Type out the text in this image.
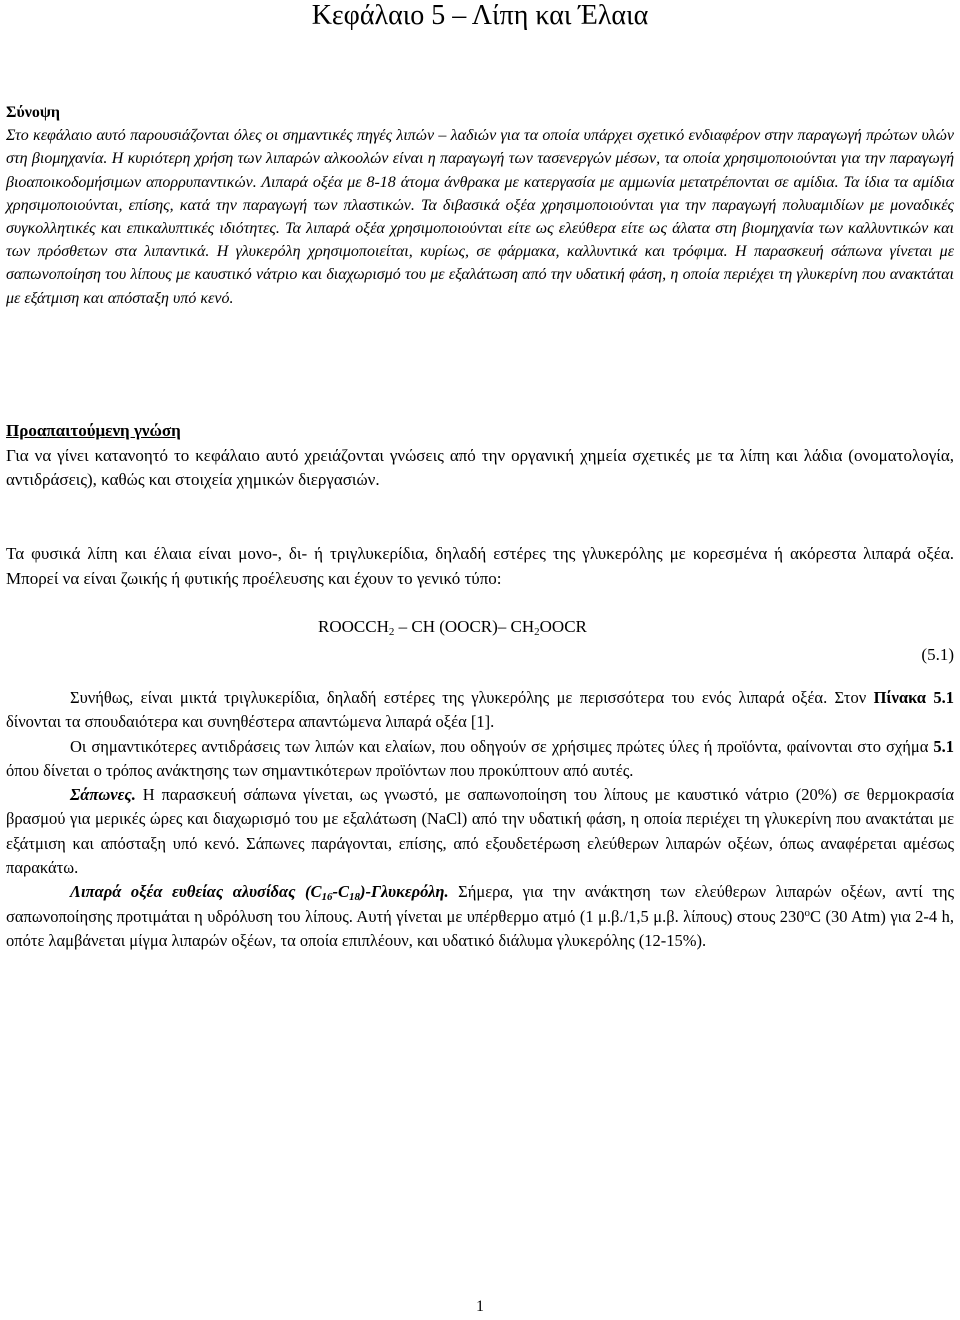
Κεφάλαιο 5 – Λίπη και Έλαια

Σύνοψη

Στο κεφάλαιο αυτό παρουσιάζονται όλες οι σημαντικές πηγές λιπών – λαδιών για τα οποία υπάρχει σχετικό ενδιαφέρον στην παραγωγή πρώτων υλών στη βιομηχανία. Η κυριότερη χρήση των λιπαρών αλκοολών είναι η παραγωγή των τασενεργών μέσων, τα οποία χρησιμοποιούνται για την παραγωγή βιοαποικοδομήσιμων απορρυπαντικών. Λιπαρά οξέα με 8-18 άτομα άνθρακα με κατεργασία με αμμωνία μετατρέπονται σε αμίδια. Τα ίδια τα αμίδια χρησιμοποιούνται, επίσης, κατά την παραγωγή των πλαστικών. Τα διβασικά οξέα χρησιμοποιούνται για την παραγωγή πολυαμιδίων με μοναδικές συγκολλητικές και επικαλυπτικές ιδιότητες. Τα λιπαρά οξέα χρησιμοποιούνται είτε ως ελεύθερα είτε ως άλατα στη βιομηχανία των καλλυντικών και των πρόσθετων στα λιπαντικά. Η γλυκερόλη χρησιμοποιείται, κυρίως, σε φάρμακα, καλλυντικά και τρόφιμα. Η παρασκευή σάπωνα γίνεται με σαπωνοποίηση του λίπους με καυστικό νάτριο και διαχωρισμό του με εξαλάτωση από την υδατική φάση, η οποία περιέχει τη γλυκερίνη που ανακτάται με εξάτμιση και απόσταξη υπό κενό.

Προαπαιτούμενη γνώση

Για να γίνει κατανοητό το κεφάλαιο αυτό χρειάζονται γνώσεις από την οργανική χημεία σχετικές με τα λίπη και λάδια (ονοματολογία, αντιδράσεις), καθώς και στοιχεία χημικών διεργασιών.

Τα φυσικά λίπη και έλαια είναι μονο-, δι- ή τριγλυκερίδια, δηλαδή εστέρες της γλυκερόλης με κορεσμένα ή ακόρεστα λιπαρά οξέα. Μπορεί να είναι ζωικής ή φυτικής προέλευσης και έχουν το γενικό τύπο:

$ROOCCH_2$ – CH (OOCR)– $CH_2OOCR$
(5.1)

Συνήθως, είναι μικτά τριγλυκερίδια, δηλαδή εστέρες της γλυκερόλης με περισσότερα του ενός λιπαρά οξέα. Στον Πίνακα 5.1 δίνονται τα σπουδαιότερα και συνηθέστερα απαντώμενα λιπαρά οξέα [1].

Οι σημαντικότερες αντιδράσεις των λιπών και ελαίων, που οδηγούν σε χρήσιμες πρώτες ύλες ή προϊόντα, φαίνονται στο σχήμα 5.1 όπου δίνεται ο τρόπος ανάκτησης των σημαντικότερων προϊόντων που προκύπτουν από αυτές.

Σάπωνες. Η παρασκευή σάπωνα γίνεται, ως γνωστό, με σαπωνοποίηση του λίπους με καυστικό νάτριο (20%) σε θερμοκρασία βρασμού για μερικές ώρες και διαχωρισμό του με εξαλάτωση (NaCl) από την υδατική φάση, η οποία περιέχει τη γλυκερίνη που ανακτάται με εξάτμιση και απόσταξη υπό κενό. Σάπωνες παράγονται, επίσης, από εξουδετέρωση ελεύθερων λιπαρών οξέων, όπως αναφέρεται αμέσως παρακάτω.

Λιπαρά οξέα ευθείας αλυσίδας $(C_{16}-C_{18})$-Γλυκερόλη. Σήμερα, για την ανάκτηση των ελεύθερων λιπαρών οξέων, αντί της σαπωνοποίησης προτιμάται η υδρόλυση του λίπους. Αυτή γίνεται με υπέρθερμο ατμό (1 μ.β./1,5 μ.β. λίπους) στους 230$^o$C (30 Atm) για 2-4 h, οπότε λαμβάνεται μίγμα λιπαρών οξέων, τα οποία επιπλέουν, και υδατικό διάλυμα γλυκερόλης (12-15%).

1
